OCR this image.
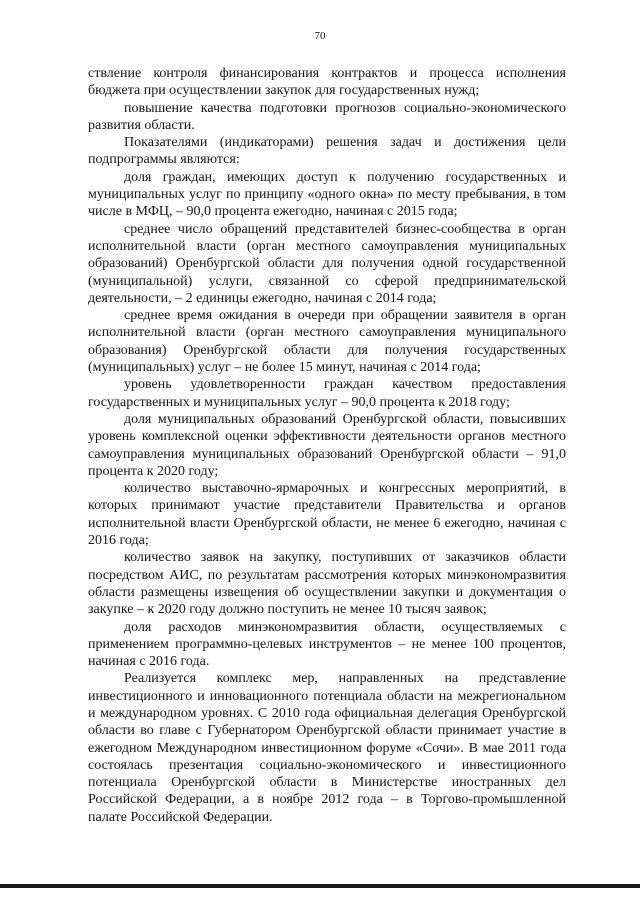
70

ствление контроля финансирования контрактов и процесса исполнения бюджета при осуществлении закупок для государственных нужд;

повышение качества подготовки прогнозов социально-экономического развития области.

Показателями (индикаторами) решения задач и достижения цели подпрограммы являются:

доля граждан, имеющих доступ к получению государственных и муниципальных услуг по принципу «одного окна» по месту пребывания, в том числе в МФЦ, – 90,0 процента ежегодно, начиная с 2015 года;

среднее число обращений представителей бизнес-сообщества в орган исполнительной власти (орган местного самоуправления муниципальных образований) Оренбургской области для получения одной государственной (муниципальной) услуги, связанной со сферой предпринимательской деятельности, – 2 единицы ежегодно, начиная с 2014 года;

среднее время ожидания в очереди при обращении заявителя в орган исполнительной власти (орган местного самоуправления муниципального образования) Оренбургской области для получения государственных (муниципальных) услуг – не более 15 минут, начиная с 2014 года;

уровень удовлетворенности граждан качеством предоставления государственных и муниципальных услуг – 90,0 процента к 2018 году;

доля муниципальных образований Оренбургской области, повысивших уровень комплексной оценки эффективности деятельности органов местного самоуправления муниципальных образований Оренбургской области – 91,0 процента к 2020 году;

количество выставочно-ярмарочных и конгрессных мероприятий, в которых принимают участие представители Правительства и органов исполнительной власти Оренбургской области, не менее 6 ежегодно, начиная с 2016 года;

количество заявок на закупку, поступивших от заказчиков области посредством АИС, по результатам рассмотрения которых минэкономразвития области размещены извещения об осуществлении закупки и документация о закупке – к 2020 году должно поступить не менее 10 тысяч заявок;

доля расходов минэкономразвития области, осуществляемых с применением программно-целевых инструментов – не менее 100 процентов, начиная с 2016 года.

Реализуется комплекс мер, направленных на представление инвестиционного и инновационного потенциала области на межрегиональном и международном уровнях. С 2010 года официальная делегация Оренбургской области во главе с Губернатором Оренбургской области принимает участие в ежегодном Международном инвестиционном форуме «Сочи». В мае 2011 года состоялась презентация социально-экономического и инвестиционного потенциала Оренбургской области в Министерстве иностранных дел Российской Федерации, а в ноябре 2012 года – в Торгово-промышленной палате Российской Федерации.
